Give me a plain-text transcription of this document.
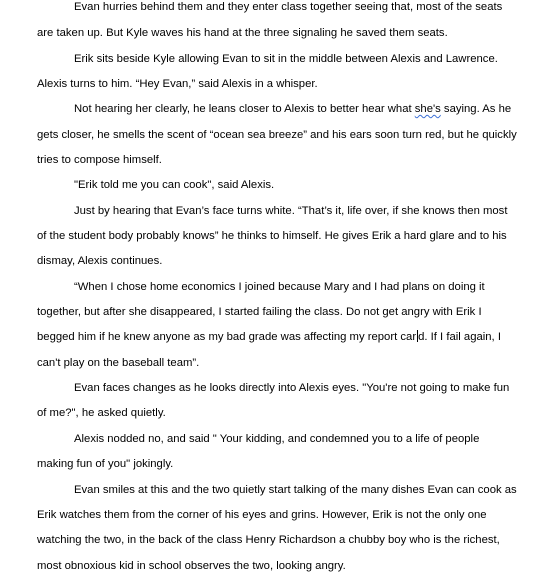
Evan hurries behind them and they enter class together seeing that, most of the seats
are taken up. But Kyle waves his hand at the three signaling he saved them seats.
Erik sits beside Kyle allowing Evan to sit in the middle between Alexis and Lawrence.
Alexis turns to him. “Hey Evan,” said Alexis in a whisper.
Not hearing her clearly, he leans closer to Alexis to better hear what she's saying. As he
gets closer, he smells the scent of “ocean sea breeze” and his ears soon turn red, but he quickly
tries to compose himself.
"Erik told me you can cook", said Alexis.
Just by hearing that Evan’s face turns white. “That’s it, life over, if she knows then most
of the student body probably knows” he thinks to himself. He gives Erik a hard glare and to his
dismay, Alexis continues.
“When I chose home economics I joined because Mary and I had plans on doing it
together, but after she disappeared, I started failing the class. Do not get angry with Erik I
begged him if he knew anyone as my bad grade was affecting my report car d. If I fail again, I
can't play on the baseball team”.
Evan faces changes as he looks directly into Alexis eyes. "You're not going to make fun
of me?", he asked quietly.
Alexis nodded no, and said " Your kidding, and condemned you to a life of people
making fun of you" jokingly.
Evan smiles at this and the two quietly start talking of the many dishes Evan can cook as
Erik watches them from the corner of his eyes and grins. However, Erik is not the only one
watching the two, in the back of the class Henry Richardson a chubby boy who is the richest,
most obnoxious kid in school observes the two, looking angry.
